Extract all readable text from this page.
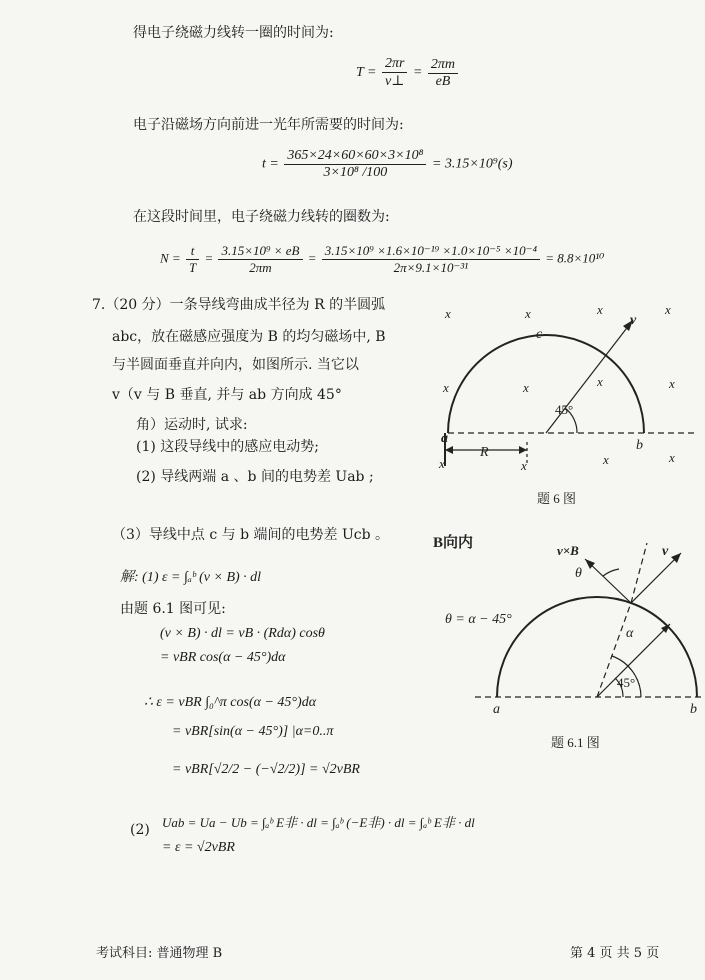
得电子绕磁力线转一圈的时间为:
$T = \frac{2\pi r}{v\perp} = \frac{2\pi m}{eB}$
电子沿磁场方向前进一光年所需要的时间为:
$t = \frac{\text{365×24×60×60×3×10⁸}}{\text{3×10⁸ /100}} = 3.15\times 10^9(s)$
在这段时间里，电子绕磁力线转的圈数为:
$N = \frac{t}{T} = \frac{\text{3.15×10⁹ × eB}}{2\pi m} = \frac{\text{3.15×10⁹ ×1.6×10⁻¹⁹ ×1.0×10⁻⁵ ×10⁻⁴}}{\text{2π×9.1×10⁻³¹}} = 8.8\times 10^{10}$
7.（20 分）一条导线弯曲成半径为 R 的半圆弧
abc，放在磁感应强度为 B 的均匀磁场中, B
与半圆面垂直并向内，如图所示. 当它以
v（v 与 B 垂直, 并与 ab 方向成 45°
角）运动时, 试求:
(1) 这段导线中的感应电动势;
(2) 导线两端 a 、b 间的电势差 Uab ;
（3）导线中点 c 与 b 端间的电势差 Ucb 。
解: (1) ε = ∫ₐᵇ (v × B) · dl
由题 6.1 图可见:
(v × B) · dl = vB · (Rdα) cosθ
= vBR cos(α − 45°)dα
∴ ε = vBR ∫₀^π cos(α − 45°)dα
= vBR[sin(α − 45°)] |α=0..π
= vBR[√2/2 − (−√2/2)] = √2vBR
(2) Uab = Ua − Ub = ∫ₐᵇ E非 · dl = ∫ₐᵇ (−E非) · dl = ∫ₐᵇ E非 · dl
= ε = √2vBR
x	x	x	x
x	x	x	x
x	x	x
x
c
v
a	b
R
45°
题 6 图
B向内	v×B	v
θ
θ = α − 45°
α
45°
a	b
题 6.1 图
考试科目: 普通物理 B	第 4 页 共 5 页
